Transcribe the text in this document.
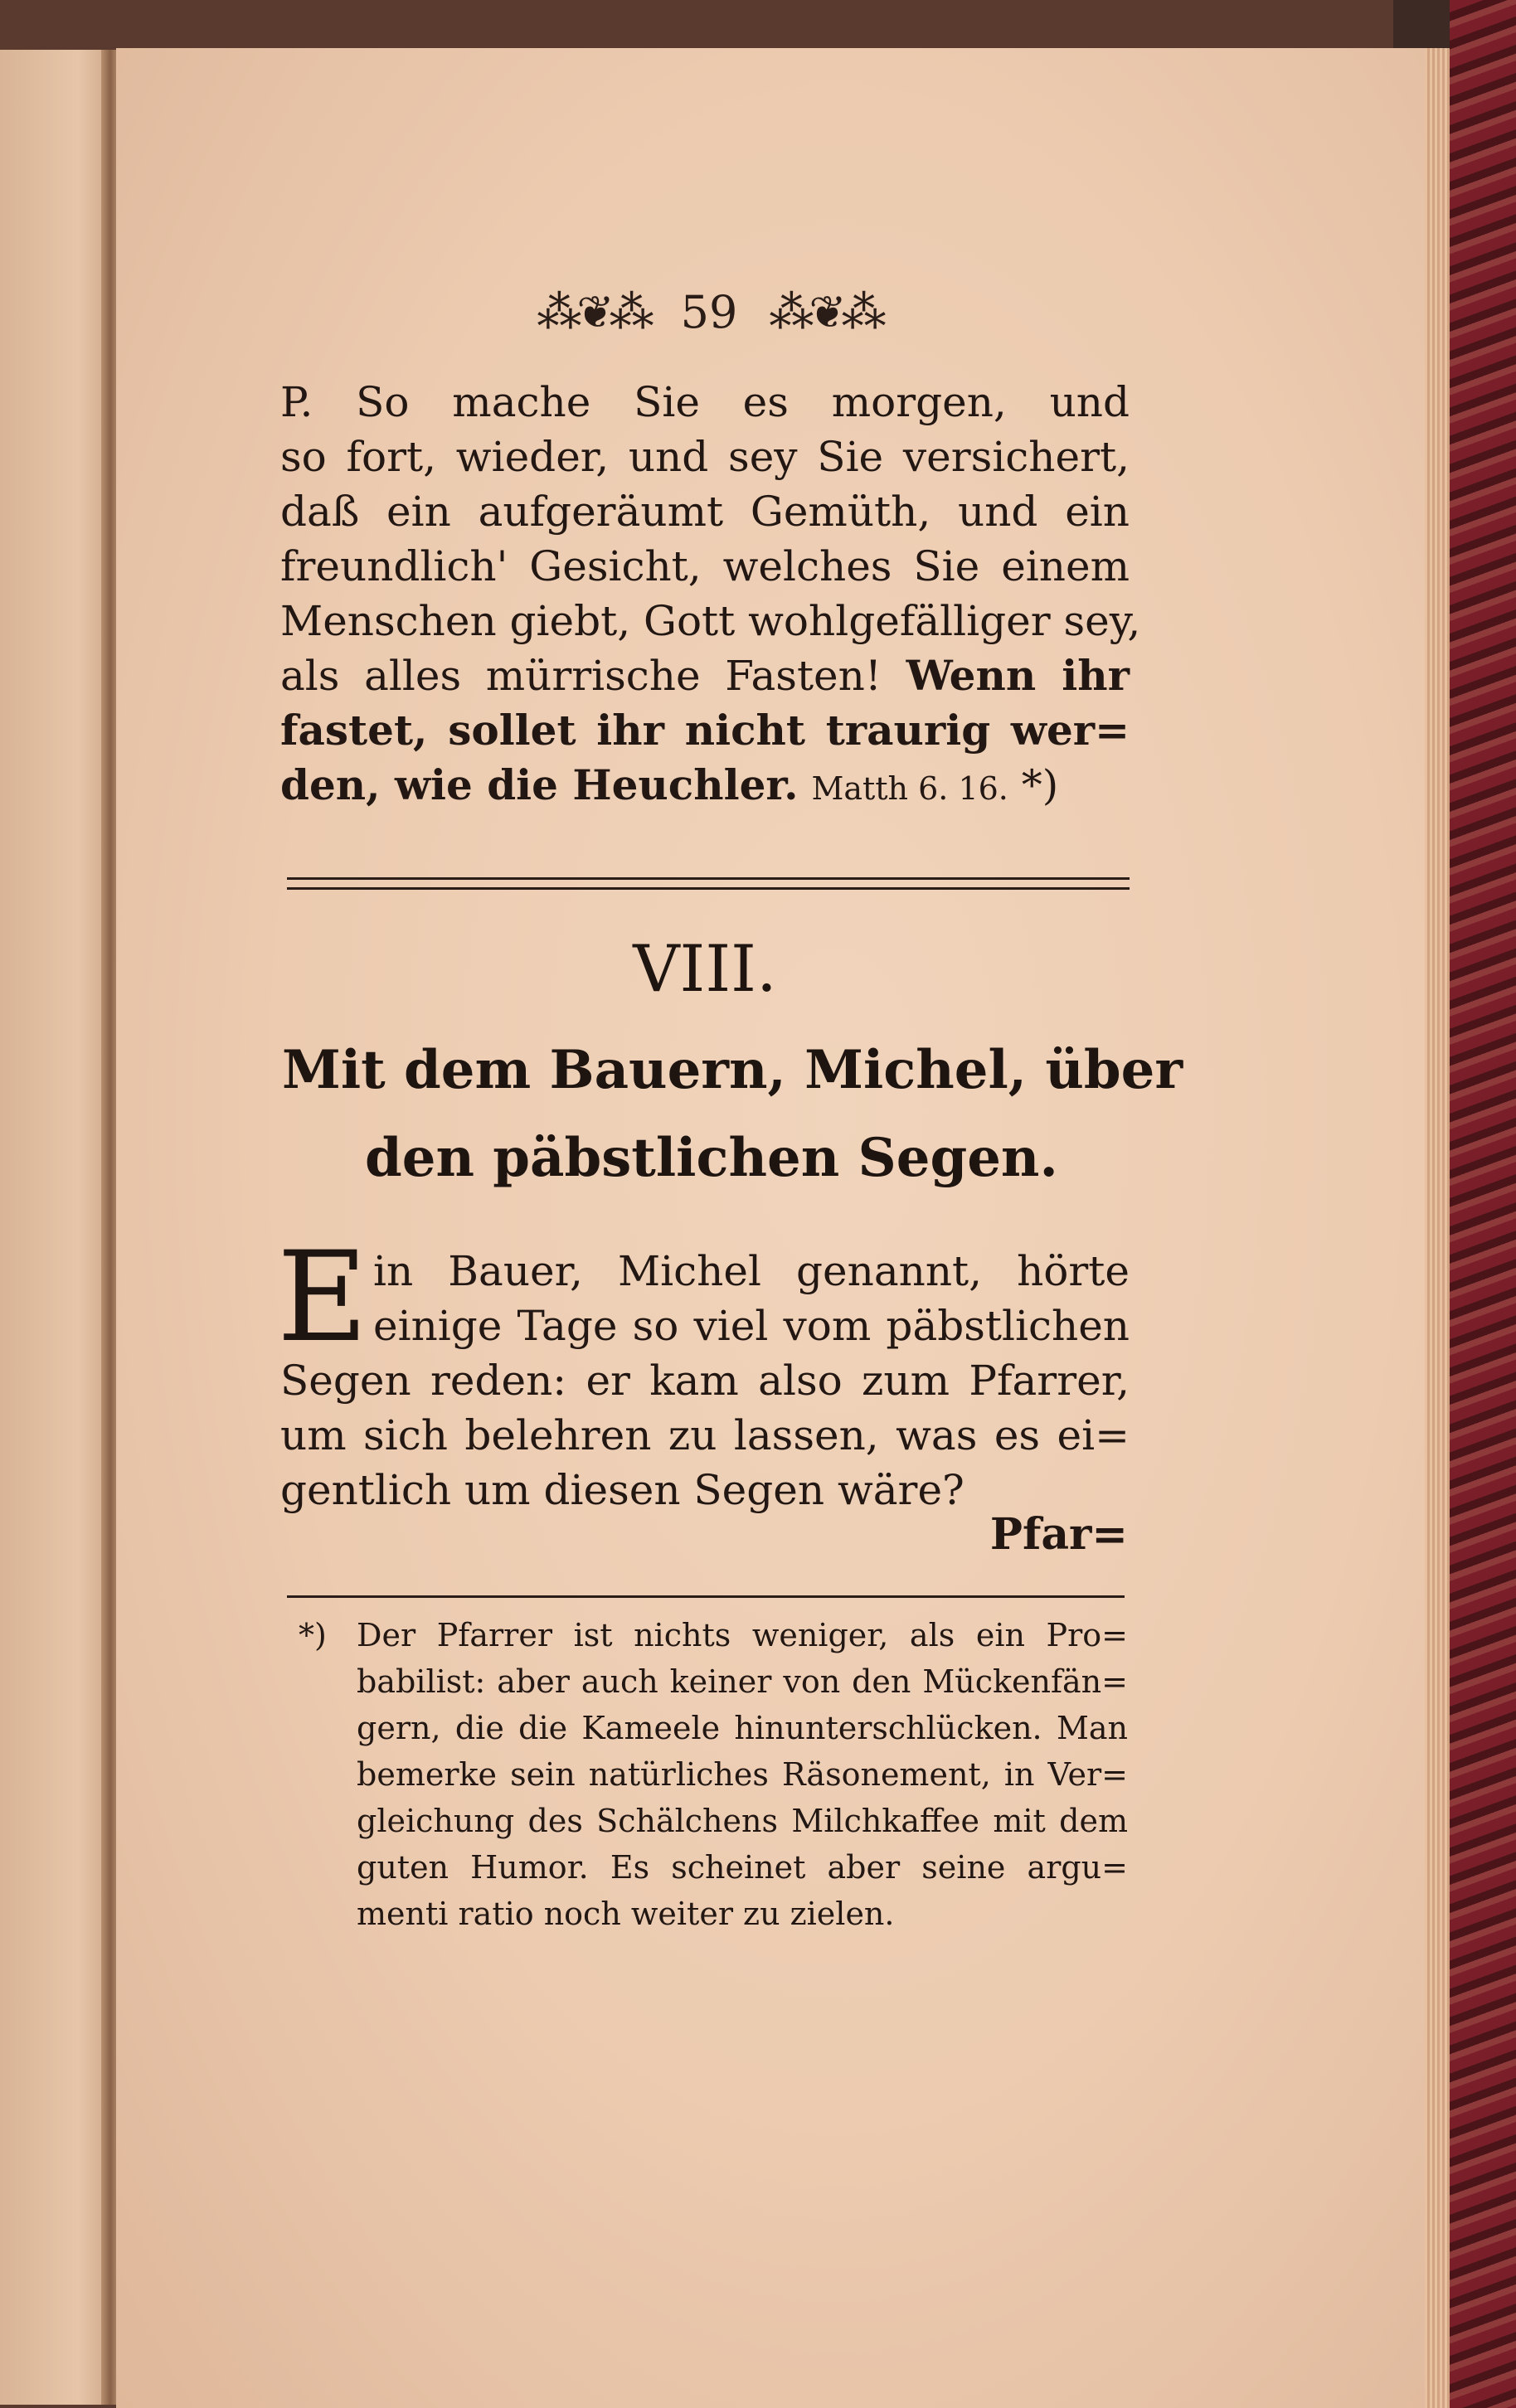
⁂❦⁂ 59 ⁂❦⁂
P. So mache Sie es morgen, und
so fort, wieder, und sey Sie versichert,
daß ein aufgeräumt Gemüth, und ein
freundlich' Gesicht, welches Sie einem
Menschen giebt, Gott wohlgefälliger sey,
als alles mürrische Fasten! Wenn ihr
fastet, sollet ihr nicht traurig wer=
den, wie die Heuchler. Matth 6. 16. *)
VIII.
Mit dem Bauern, Michel, über
den päbstlichen Segen.
E in Bauer, Michel genannt, hörte
einige Tage so viel vom päbstlichen
Segen reden: er kam also zum Pfarrer,
um sich belehren zu lassen, was es ei=
gentlich um diesen Segen wäre?
Pfar=
*) Der Pfarrer ist nichts weniger, als ein Pro=
babilist: aber auch keiner von den Mückenfän=
gern, die die Kameele hinunterschlücken. Man
bemerke sein natürliches Räsonement, in Ver=
gleichung des Schälchens Milchkaffee mit dem
guten Humor. Es scheinet aber seine argu=
menti ratio noch weiter zu zielen.
